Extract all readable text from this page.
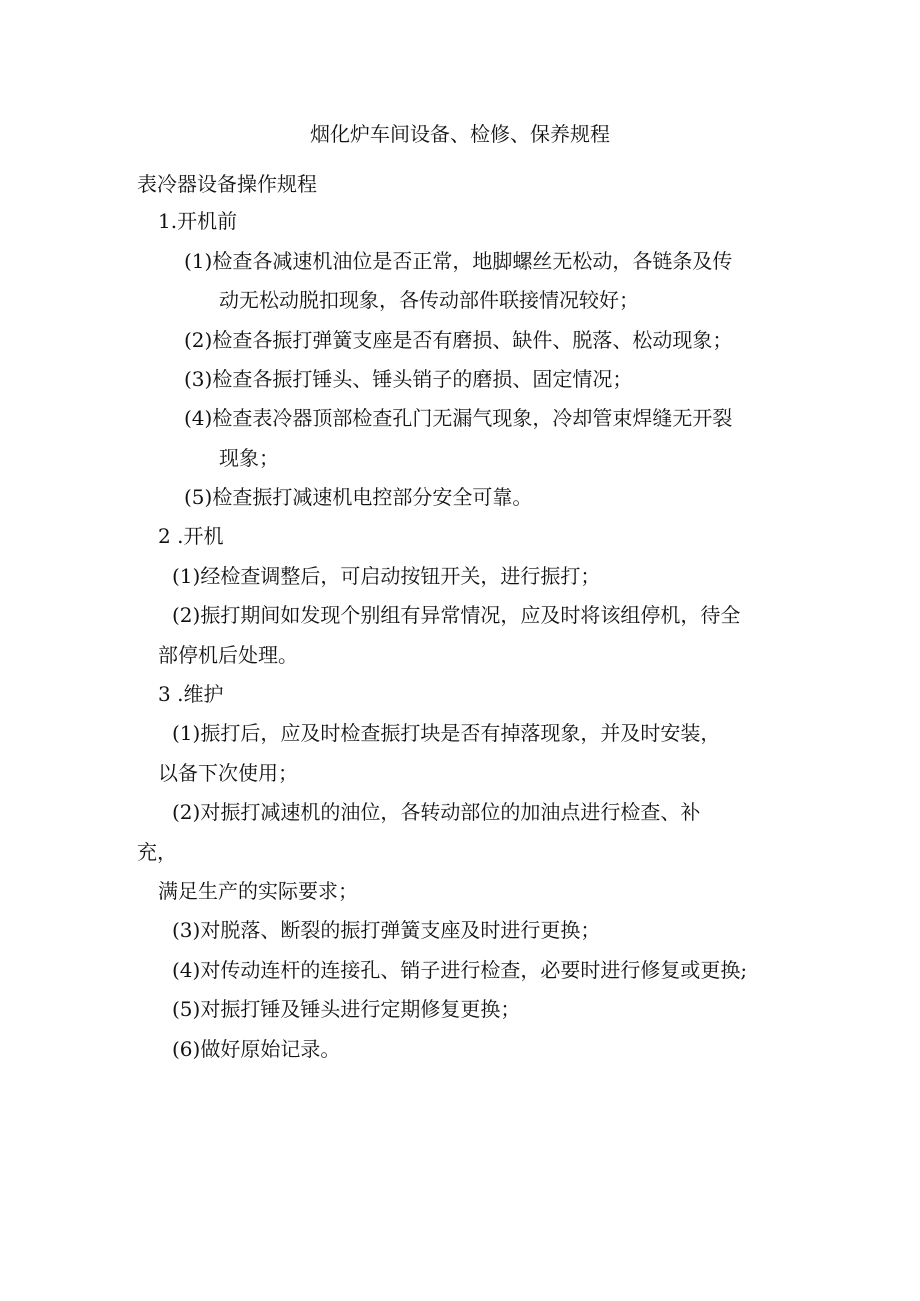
烟化炉车间设备、检修、保养规程
表冷器设备操作规程
1.开机前
(1)检查各减速机油位是否正常，地脚螺丝无松动，各链条及传
动无松动脱扣现象，各传动部件联接情况较好；
(2)检查各振打弹簧支座是否有磨损、缺件、脱落、松动现象；
(3)检查各振打锤头、锤头销子的磨损、固定情况；
(4)检查表冷器顶部检查孔门无漏气现象，冷却管束焊缝无开裂
现象；
(5)检查振打减速机电控部分安全可靠。
2 .开机
(1)经检查调整后，可启动按钮开关，进行振打；
(2)振打期间如发现个别组有异常情况，应及时将该组停机，待全
部停机后处理。
3 .维护
(1)振打后，应及时检查振打块是否有掉落现象，并及时安装，
以备下次使用；
(2)对振打减速机的油位，各转动部位的加油点进行检查、补
充，
满足生产的实际要求；
(3)对脱落、断裂的振打弹簧支座及时进行更换；
(4)对传动连杆的连接孔、销子进行检查，必要时进行修复或更换;
(5)对振打锤及锤头进行定期修复更换；
(6)做好原始记录。
